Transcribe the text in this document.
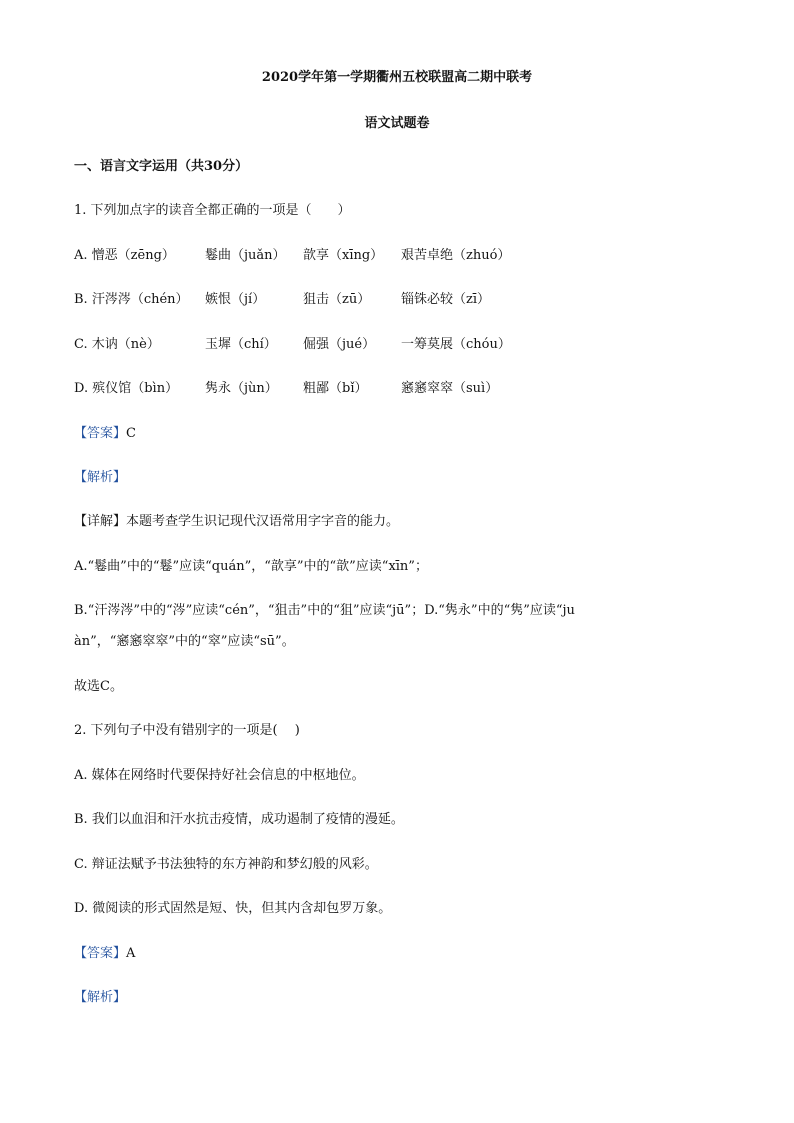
2020学年第一学期衢州五校联盟高二期中联考
语文试题卷
一、语言文字运用（共30分）
1. 下列加点字的读音全都正确的一项是（　　）
A. 憎恶（zēng） 鬈曲（juǎn） 歆享（xīng） 艰苦卓绝（zhuó）
B. 汗涔涔（chén） 嫉恨（jí）	狙击（zū） 锱铢必较（zī）
C. 木讷（nè）	玉墀（chí） 倔强（jué） 一筹莫展（chóu）
D. 殡仪馆（bìn） 隽永（jùn） 粗鄙（bǐ）	窸窸窣窣（suì）
【答案】C
【解析】
【详解】本题考查学生识记现代汉语常用字字音的能力。
A.“鬈曲”中的“鬈”应读“quán”，“歆享”中的“歆”应读“xīn”；
B.“汗涔涔”中的“涔”应读“cén”，“狙击”中的“狙”应读“jū”；D.“隽永”中的“隽”应读“ju
àn”，“窸窸窣窣”中的“窣”应读“sū”。
故选C。
2. 下列句子中没有错别字的一项是(　 )
A. 媒体在网络时代要保持好社会信息的中枢地位。
B. 我们以血泪和汗水抗击疫情，成功遏制了疫情的漫延。
C. 辩证法赋予书法独特的东方神韵和梦幻般的风彩。
D. 微阅读的形式固然是短、快，但其内含却包罗万象。
【答案】A
【解析】
